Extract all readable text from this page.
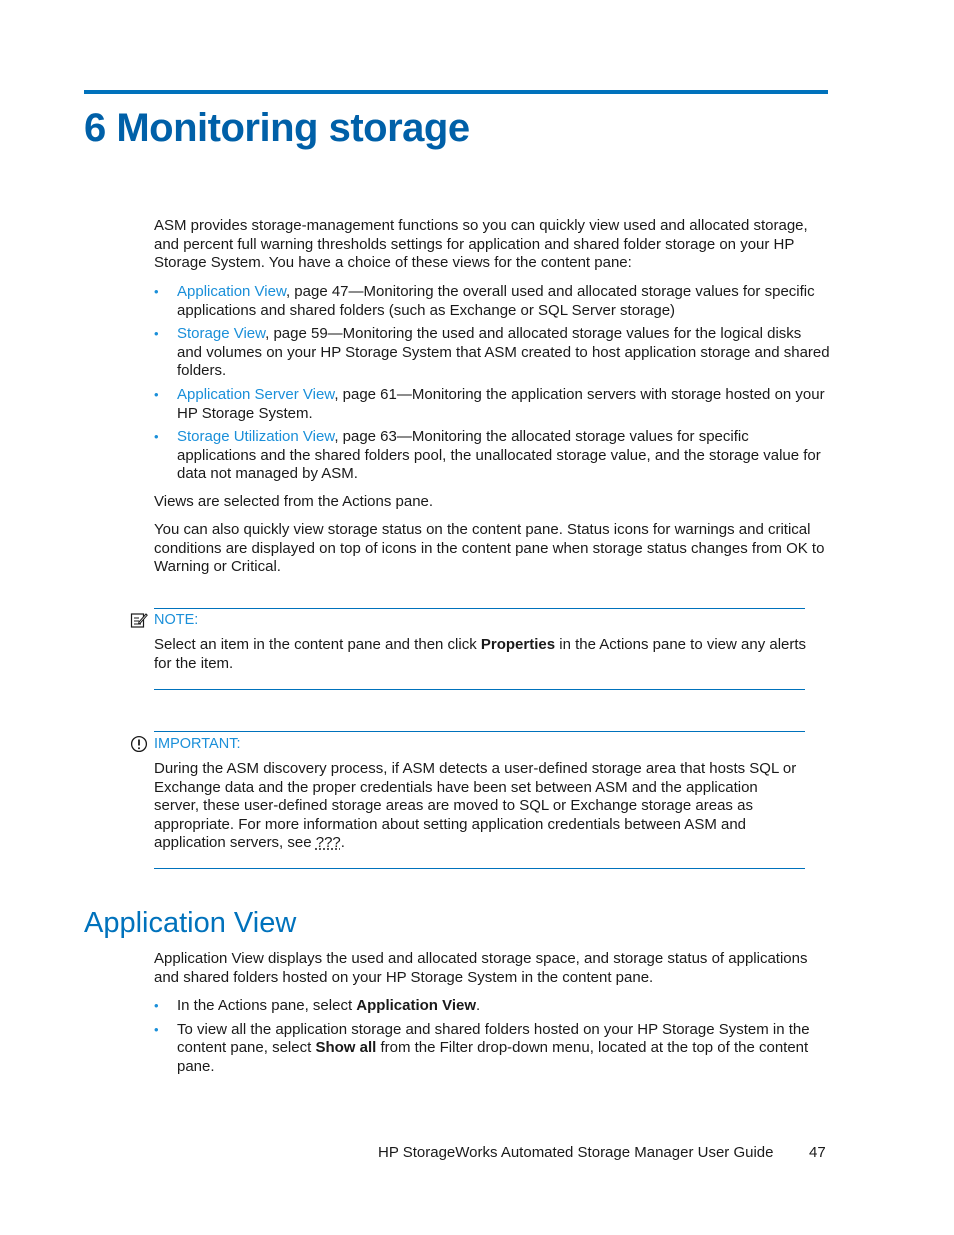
6 Monitoring storage

ASM provides storage-management functions so you can quickly view used and allocated storage, and percent full warning thresholds settings for application and shared folder storage on your HP Storage System. You have a choice of these views for the content pane:

• Application View, page 47—Monitoring the overall used and allocated storage values for specific applications and shared folders (such as Exchange or SQL Server storage)
• Storage View, page 59—Monitoring the used and allocated storage values for the logical disks and volumes on your HP Storage System that ASM created to host application storage and shared folders.
• Application Server View, page 61—Monitoring the application servers with storage hosted on your HP Storage System.
• Storage Utilization View, page 63—Monitoring the allocated storage values for specific applications and the shared folders pool, the unallocated storage value, and the storage value for data not managed by ASM.

Views are selected from the Actions pane.

You can also quickly view storage status on the content pane. Status icons for warnings and critical conditions are displayed on top of icons in the content pane when storage status changes from OK to Warning or Critical.

NOTE:

Select an item in the content pane and then click Properties in the Actions pane to view any alerts for the item.

IMPORTANT:

During the ASM discovery process, if ASM detects a user-defined storage area that hosts SQL or Exchange data and the proper credentials have been set between ASM and the application server, these user-defined storage areas are moved to SQL or Exchange storage areas as appropriate. For more information about setting application credentials between ASM and application servers, see ???.

Application View

Application View displays the used and allocated storage space, and storage status of applications and shared folders hosted on your HP Storage System in the content pane.

• In the Actions pane, select Application View.
• To view all the application storage and shared folders hosted on your HP Storage System in the content pane, select Show all from the Filter drop-down menu, located at the top of the content pane.
HP StorageWorks Automated Storage Manager User Guide 47
